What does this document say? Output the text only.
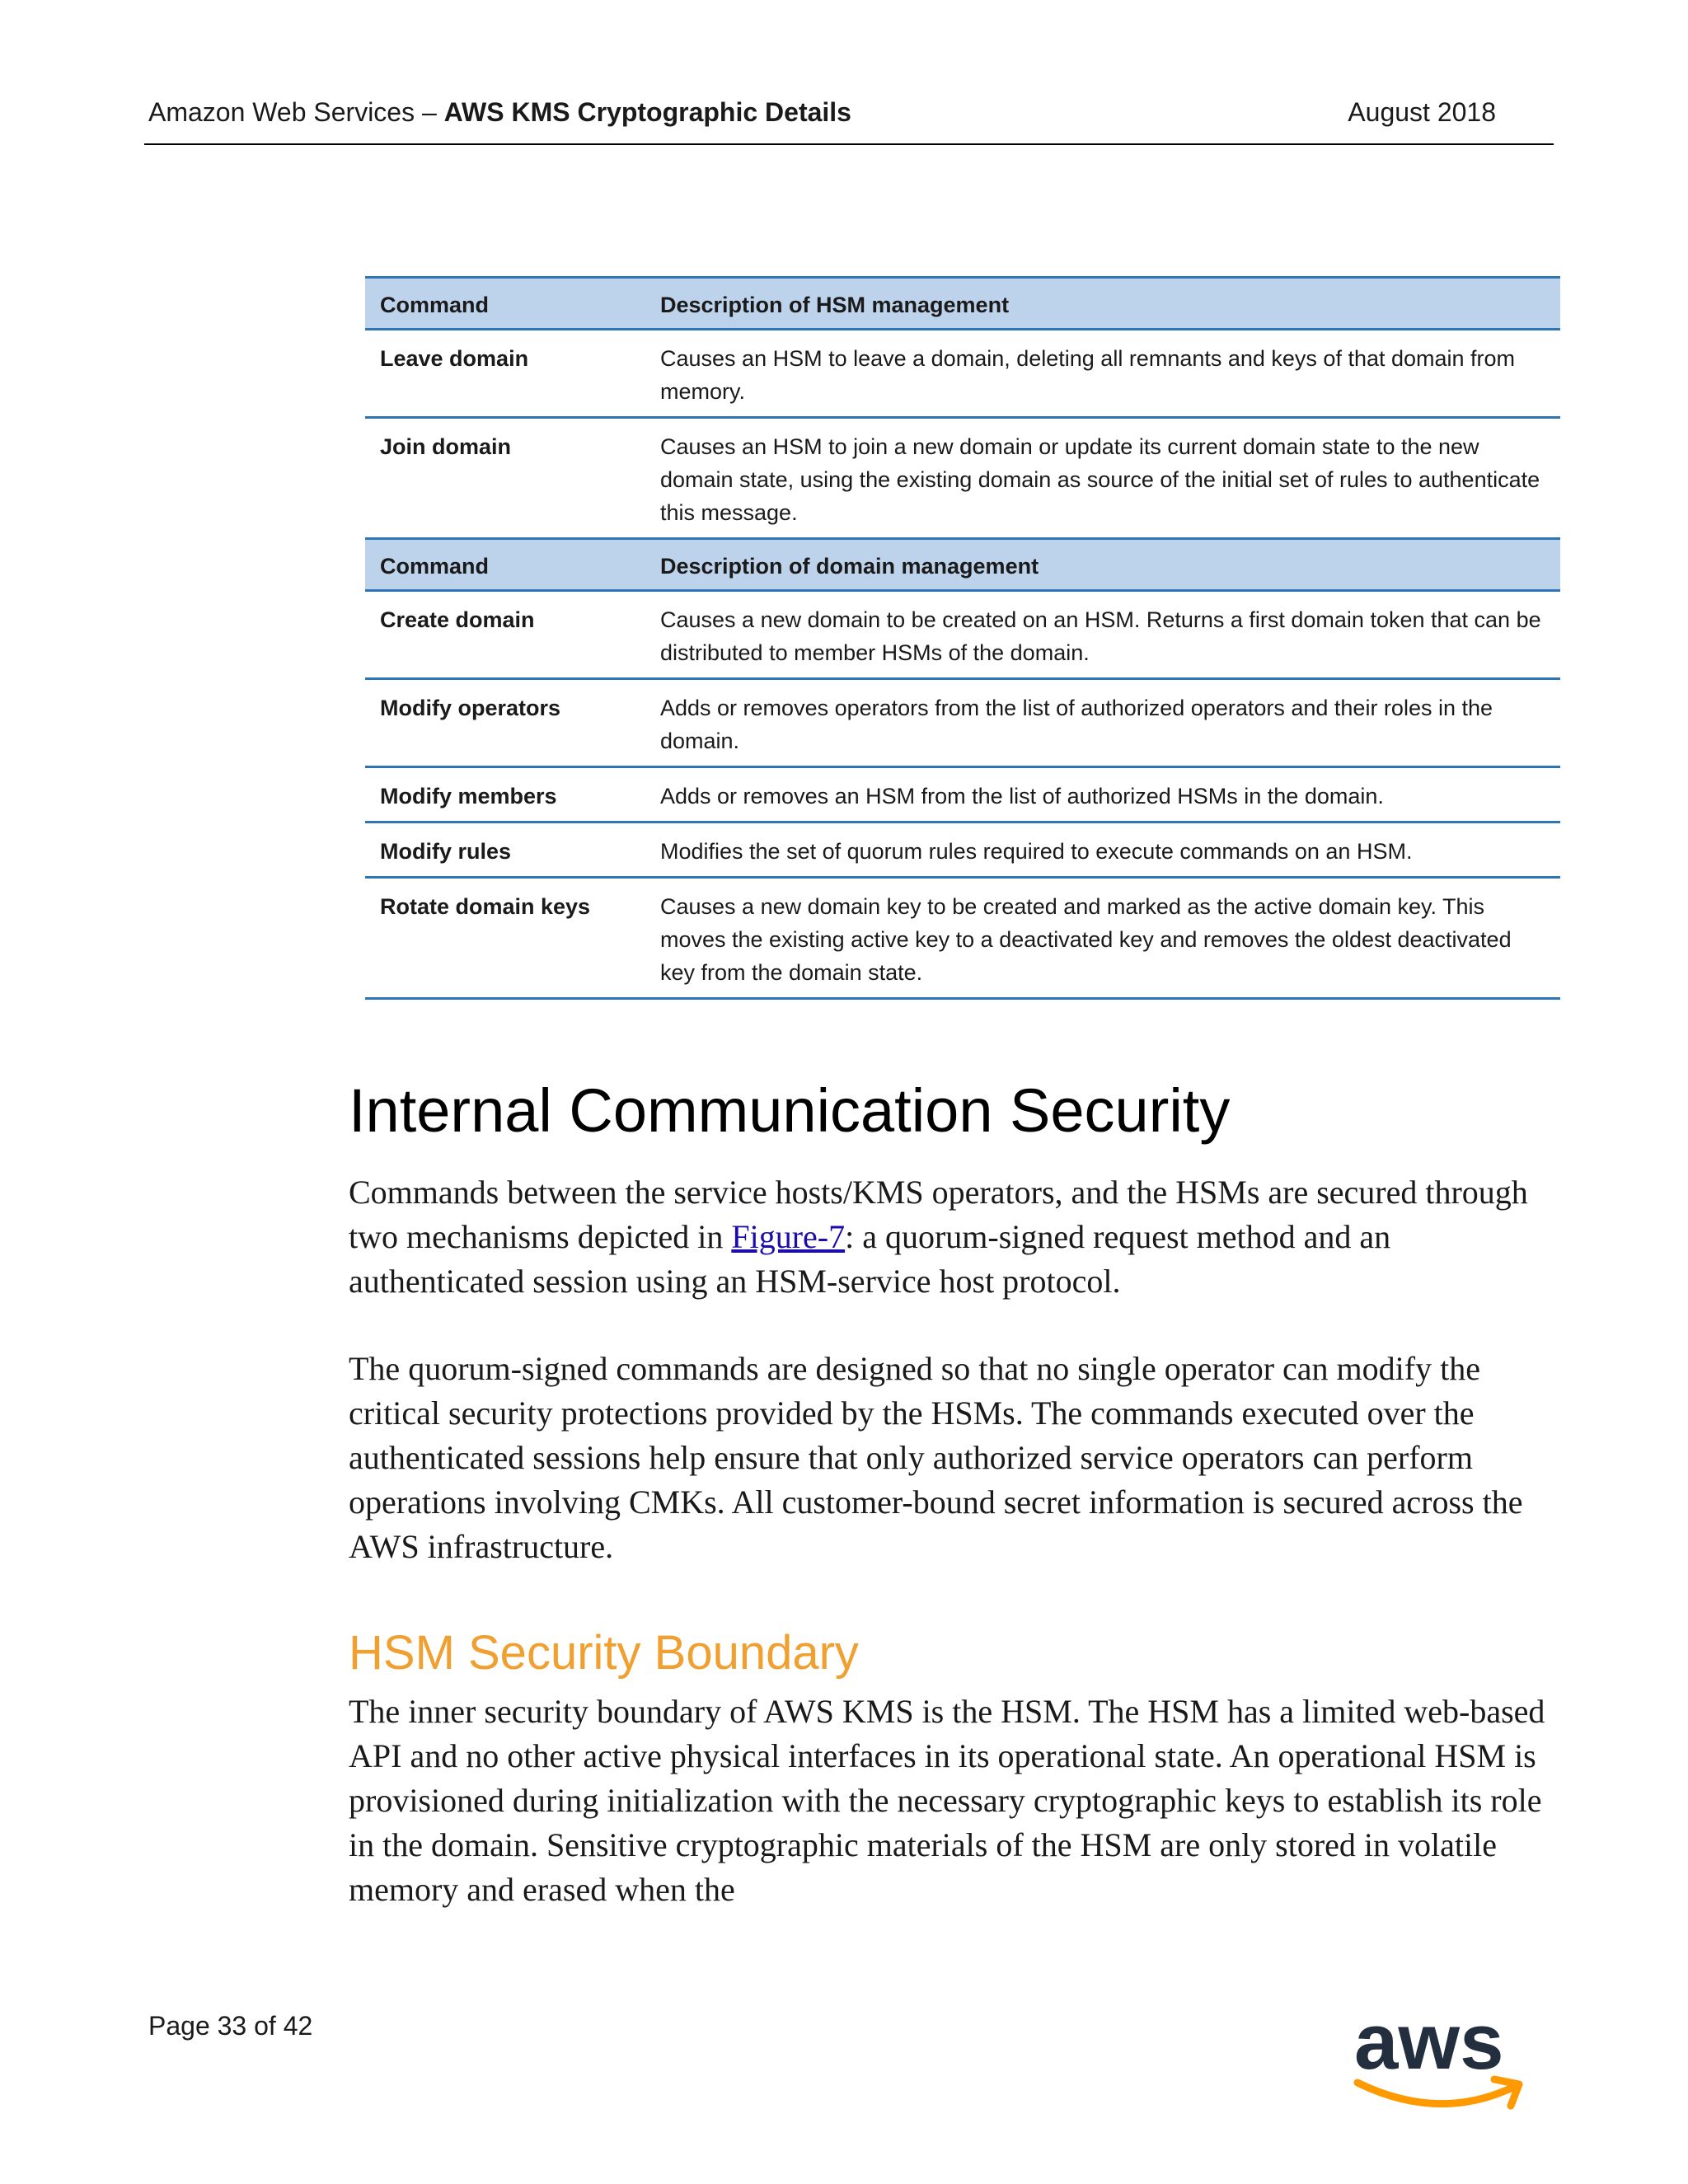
Amazon Web Services – AWS KMS Cryptographic Details	August 2018
Command	Description of HSM management
Leave domain	Causes an HSM to leave a domain, deleting all remnants and keys of that domain from memory.
Join domain	Causes an HSM to join a new domain or update its current domain state to the new domain state, using the existing domain as source of the initial set of rules to authenticate this message.
Command	Description of domain management
Create domain	Causes a new domain to be created on an HSM. Returns a first domain token that can be distributed to member HSMs of the domain.
Modify operators	Adds or removes operators from the list of authorized operators and their roles in the domain.
Modify members	Adds or removes an HSM from the list of authorized HSMs in the domain.
Modify rules	Modifies the set of quorum rules required to execute commands on an HSM.
Rotate domain keys	Causes a new domain key to be created and marked as the active domain key. This moves the existing active key to a deactivated key and removes the oldest deactivated key from the domain state.
Internal Communication Security

Commands between the service hosts/KMS operators, and the HSMs are secured through two mechanisms depicted in Figure-7: a quorum-signed request method and an authenticated session using an HSM-service host protocol.

The quorum-signed commands are designed so that no single operator can modify the critical security protections provided by the HSMs. The commands executed over the authenticated sessions help ensure that only authorized service operators can perform operations involving CMKs. All customer-bound secret information is secured across the AWS infrastructure.

HSM Security Boundary

The inner security boundary of AWS KMS is the HSM. The HSM has a limited web-based API and no other active physical interfaces in its operational state. An operational HSM is provisioned during initialization with the necessary cryptographic keys to establish its role in the domain. Sensitive cryptographic materials of the HSM are only stored in volatile memory and erased when the

Page 33 of 42	aws
